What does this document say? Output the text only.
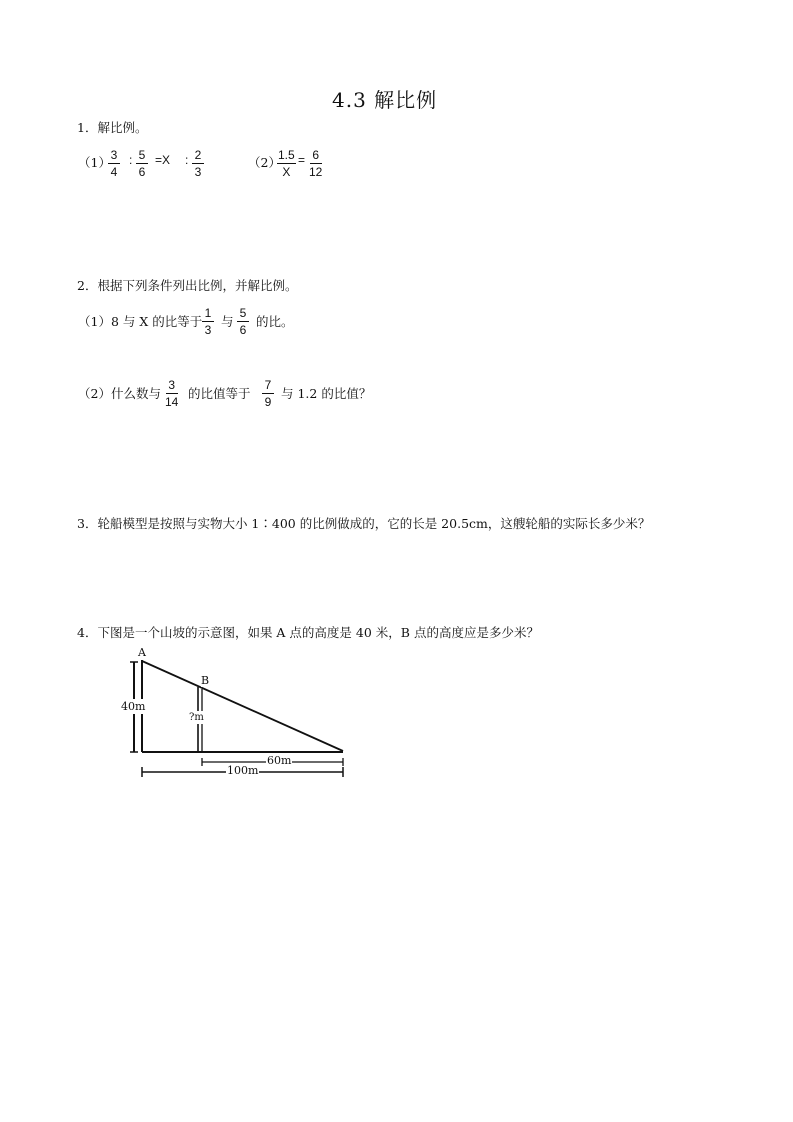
4.3 解比例
1．解比例。
（1）
$\frac{3}{4}$ : $\frac{5}{6} =X$ : $\frac{2}{3}$	（2）
$\frac{1.5}{X} = \frac{6}{12}$
2．根据下列条件列出比例，并解比例。
（1） 8 与 X 的比等于 $\frac{1}{3}$ 与 $\frac{5}{6}$ 的比。
（2） 什么数与 $\frac{3}{14}$ 的比值等于 $\frac{7}{9}$ 与 1.2 的比值？
3．轮船模型是按照与实物大小 1∶400 的比例做成的，它的长是 20.5cm，这艘轮船的实际长多少米？
4．下图是一个山坡的示意图，如果 A 点的高度是 40 米，B 点的高度应是多少米？
A
B
40m
?m
60m
100m
